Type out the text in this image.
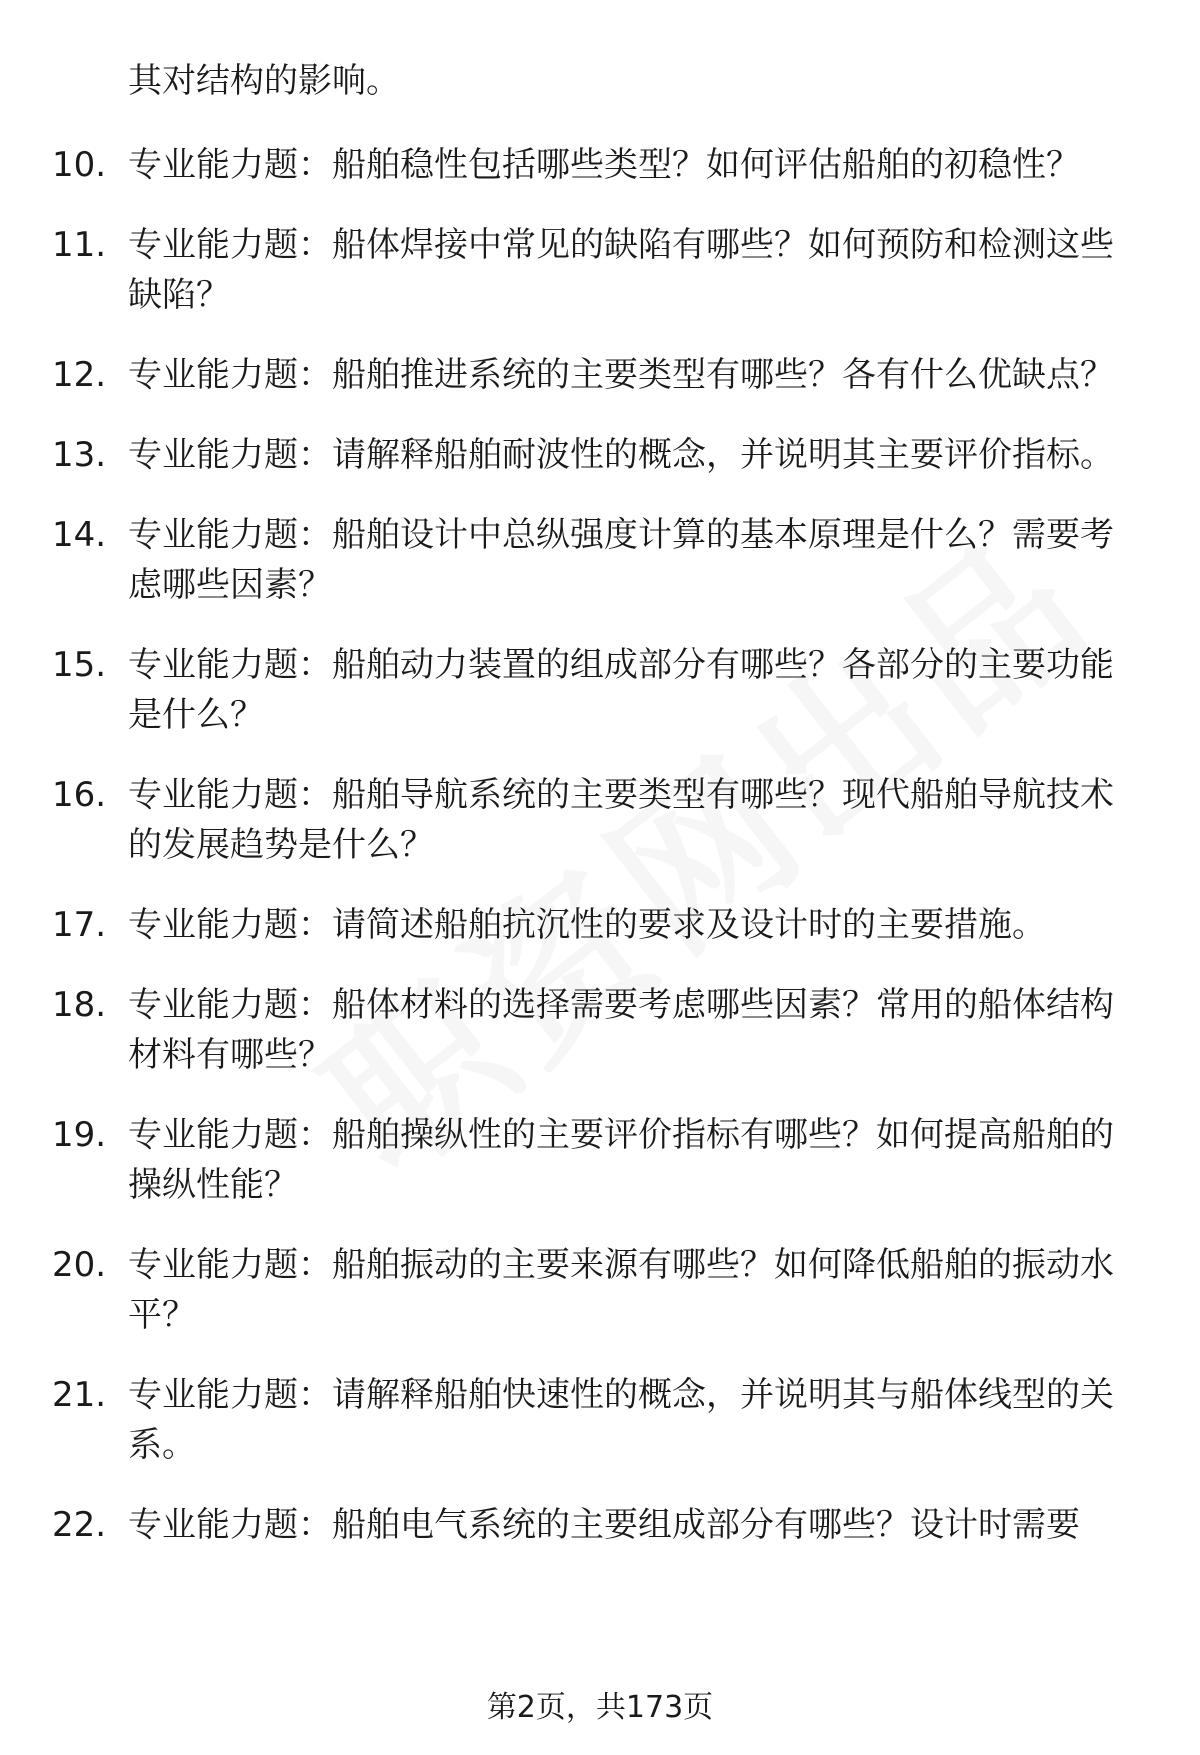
其对结构的影响。
10. 专业能力题：船舶稳性包括哪些类型？如何评估船舶的初稳性？
11. 专业能力题：船体焊接中常见的缺陷有哪些？如何预防和检测这些缺陷？
12. 专业能力题：船舶推进系统的主要类型有哪些？各有什么优缺点？
13. 专业能力题：请解释船舶耐波性的概念，并说明其主要评价指标。
14. 专业能力题：船舶设计中总纵强度计算的基本原理是什么？需要考虑哪些因素？
15. 专业能力题：船舶动力装置的组成部分有哪些？各部分的主要功能是什么？
16. 专业能力题：船舶导航系统的主要类型有哪些？现代船舶导航技术的发展趋势是什么？
17. 专业能力题：请简述船舶抗沉性的要求及设计时的主要措施。
18. 专业能力题：船体材料的选择需要考虑哪些因素？常用的船体结构材料有哪些？
19. 专业能力题：船舶操纵性的主要评价指标有哪些？如何提高船舶的操纵性能？
20. 专业能力题：船舶振动的主要来源有哪些？如何降低船舶的振动水平？
21. 专业能力题：请解释船舶快速性的概念，并说明其与船体线型的关系。
22. 专业能力题：船舶电气系统的主要组成部分有哪些？设计时需要
第2页，共173页
